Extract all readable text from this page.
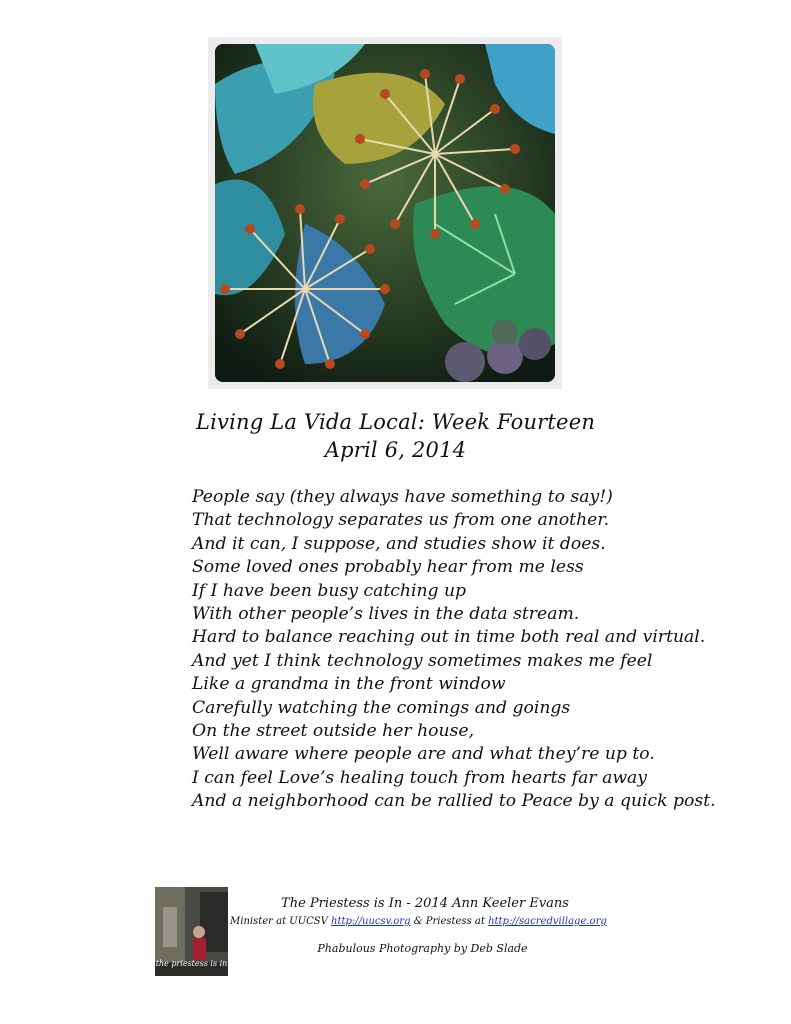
Living La Vida Local: Week Fourteen
April 6, 2014
People say (they always have something to say!)
That technology separates us from one another.
And it can, I suppose, and studies show it does.
Some loved ones probably hear from me less
If I have been busy catching up
With other people’s lives in the data stream.
Hard to balance reaching out in time both real and virtual.
And yet I think technology sometimes makes me feel
Like a grandma in the front window
Carefully watching the comings and goings
On the street outside her house,
Well aware where people are and what they’re up to.
I can feel Love’s healing touch from hearts far away
And a neighborhood can be rallied to Peace by a quick post.
the priestess is in
The Priestess is In - 2014 Ann Keeler Evans
Minister at UUCSV http://uucsv.org & Priestess at http://sacredvillage.org
Phabulous Photography by Deb Slade
